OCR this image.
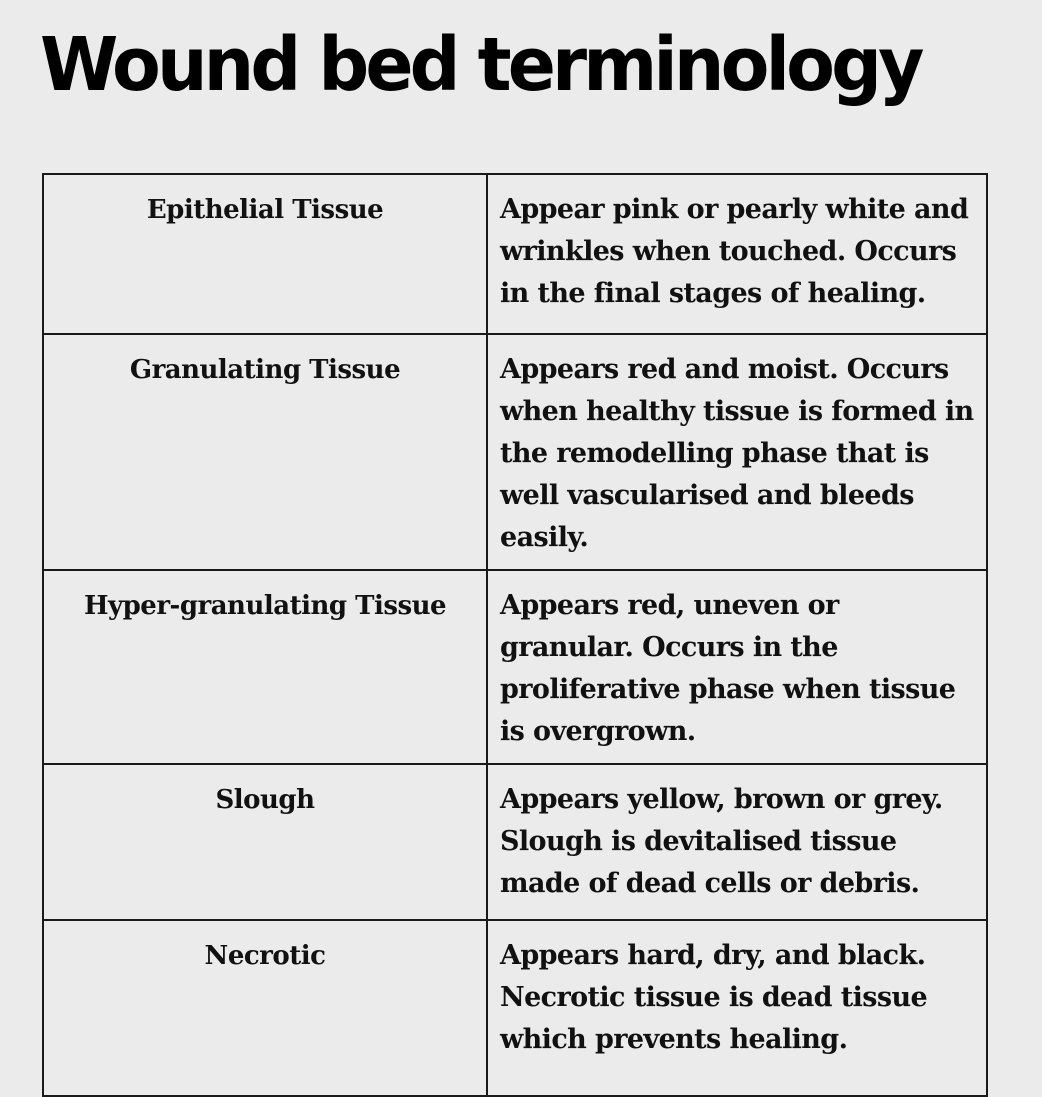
Wound bed terminology
Epithelial Tissue	Appear pink or pearly white and wrinkles when touched. Occurs in the final stages of healing.
Granulating Tissue	Appears red and moist. Occurs when healthy tissue is formed in the remodelling phase that is well vascularised and bleeds easily.
Hyper-granulating Tissue	Appears red, uneven or granular. Occurs in the proliferative phase when tissue is overgrown.
Slough	Appears yellow, brown or grey. Slough is devitalised tissue made of dead cells or debris.
Necrotic	Appears hard, dry, and black. Necrotic tissue is dead tissue which prevents healing.
